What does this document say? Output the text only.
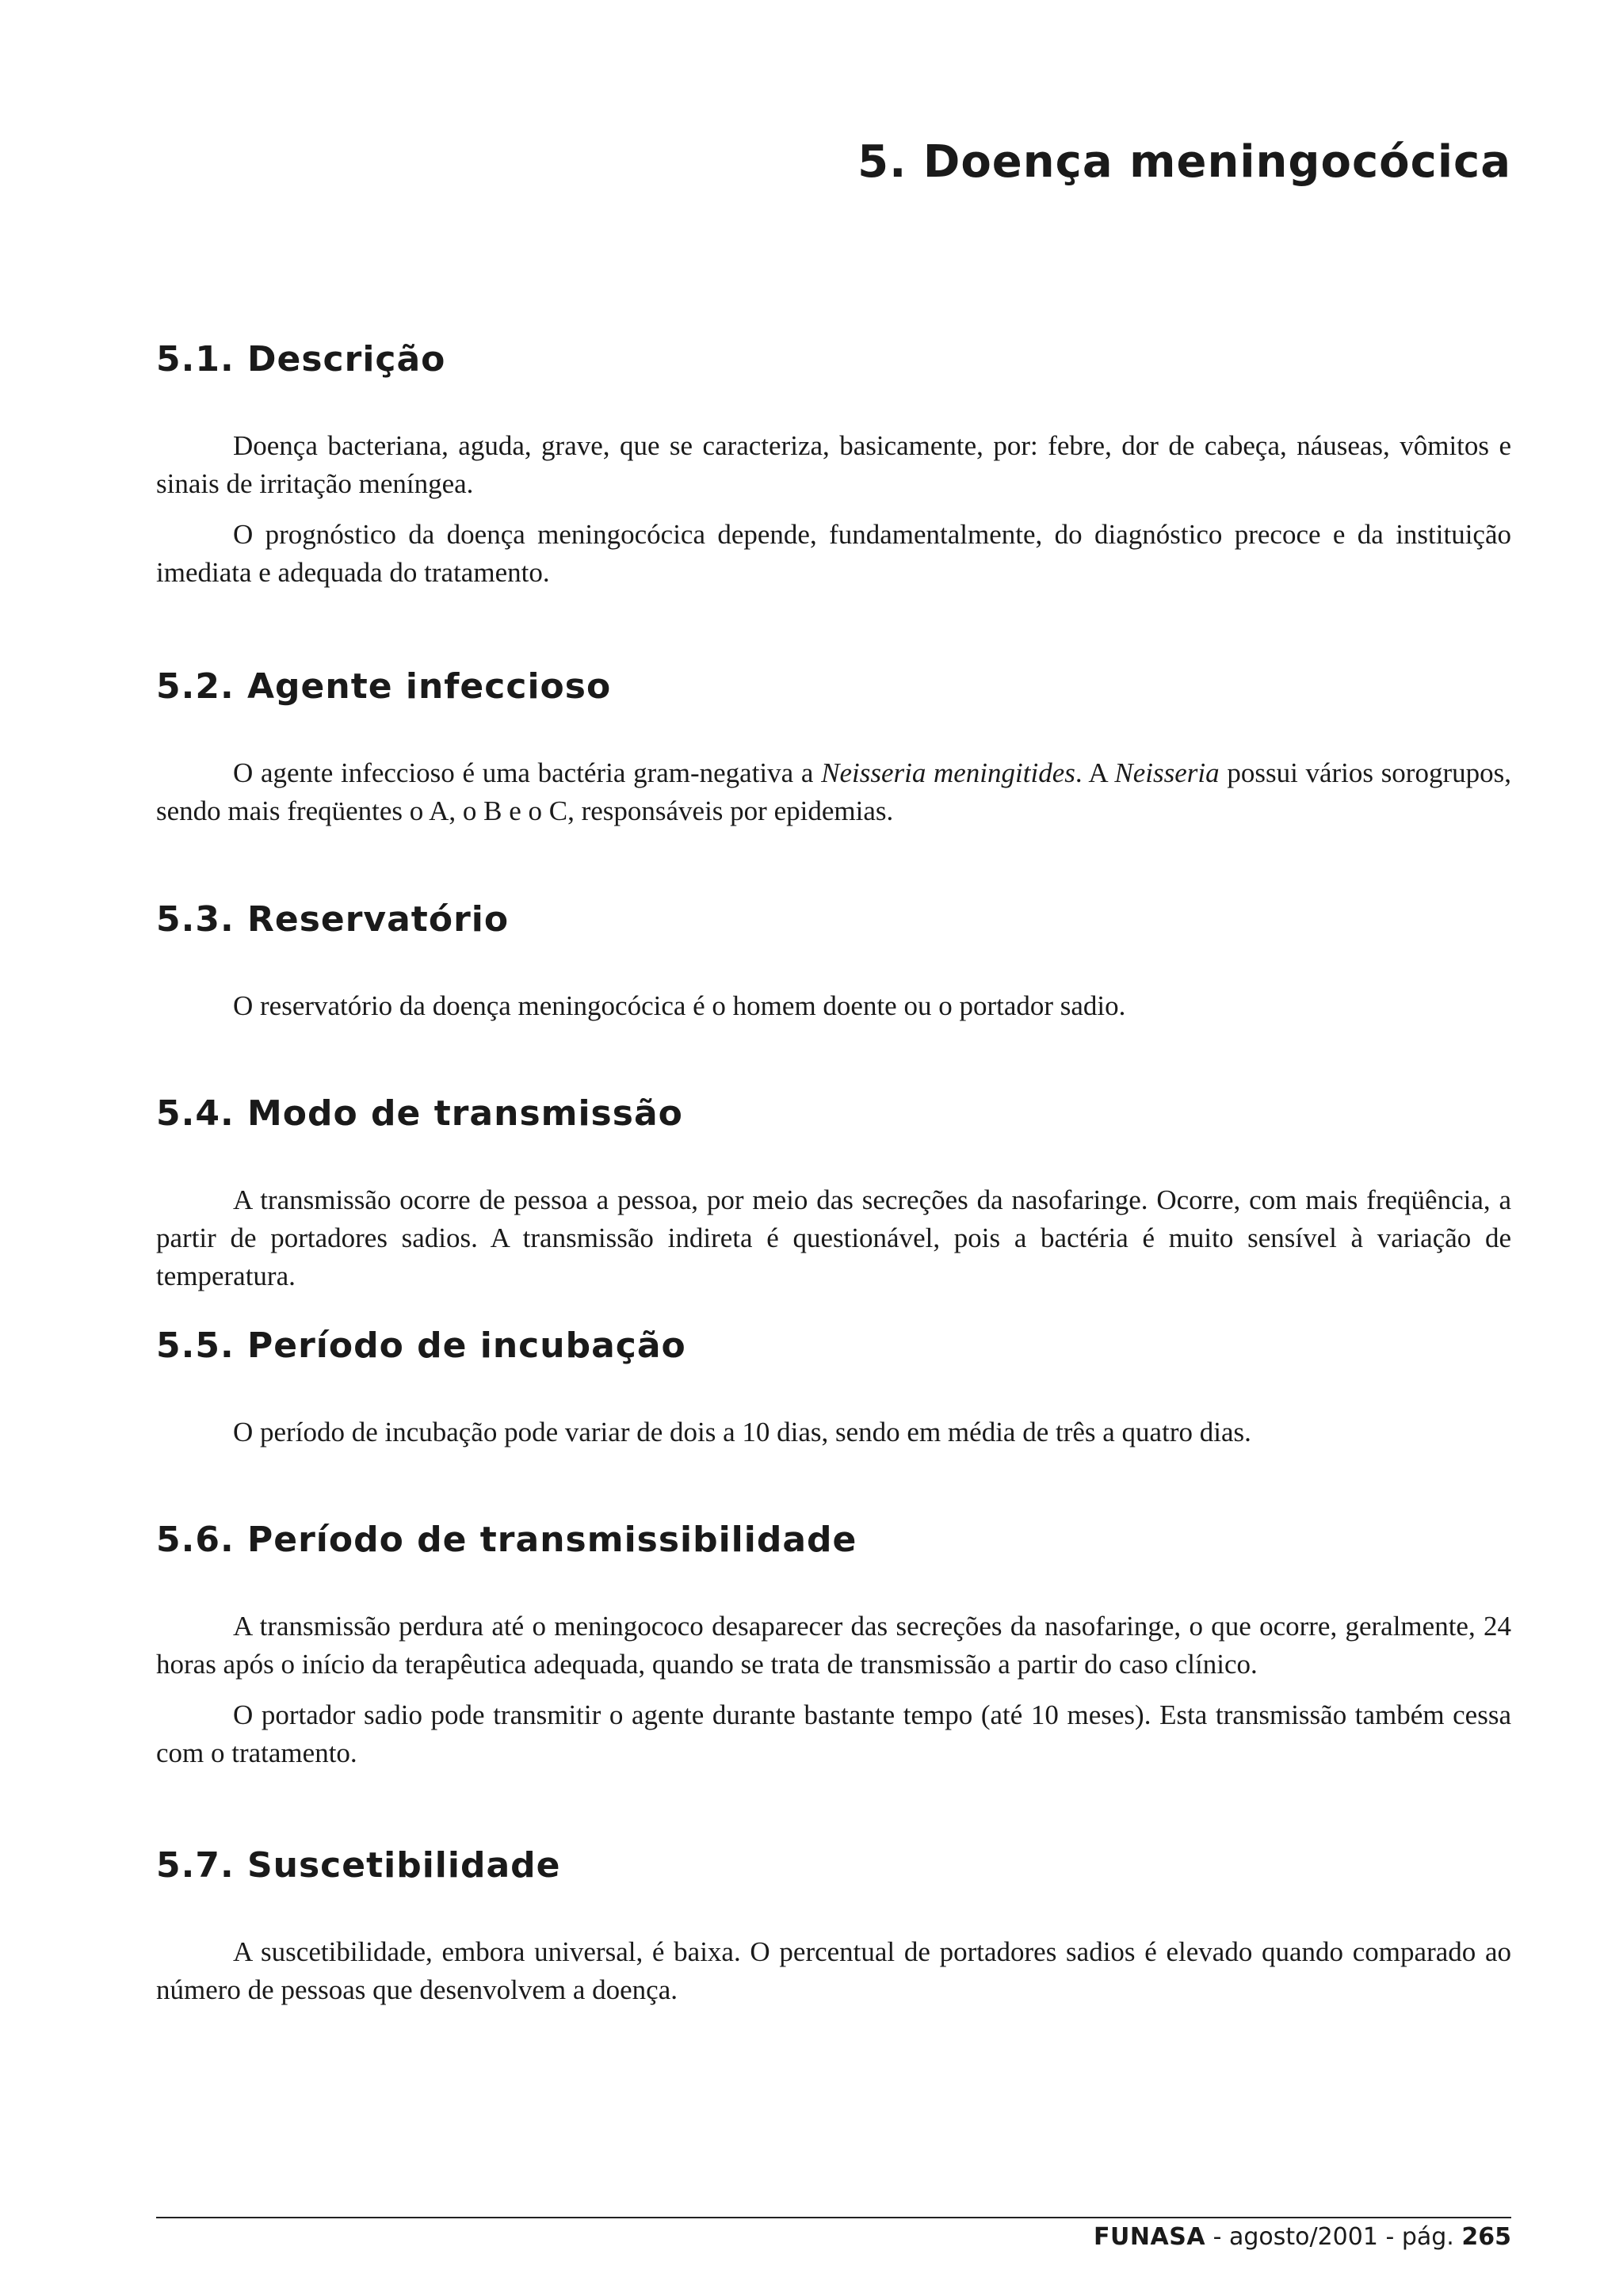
5. Doença meningocócica
5.1. Descrição

Doença bacteriana, aguda, grave, que se caracteriza, basicamente, por: febre, dor de cabeça, náuseas, vômitos e sinais de irritação meníngea.

O prognóstico da doença meningocócica depende, fundamentalmente, do diagnóstico precoce e da instituição imediata e adequada do tratamento.

5.2. Agente infeccioso

O agente infeccioso é uma bactéria gram-negativa a Neisseria meningitides. A Neisseria possui vários sorogrupos, sendo mais freqüentes o A, o B e o C, responsáveis por epidemias.

5.3. Reservatório

O reservatório da doença meningocócica é o homem doente ou o portador sadio.

5.4. Modo de transmissão

A transmissão ocorre de pessoa a pessoa, por meio das secreções da nasofaringe. Ocorre, com mais freqüência, a partir de portadores sadios. A transmissão indireta é questionável, pois a bactéria é muito sensível à variação de temperatura.

5.5. Período de incubação

O período de incubação pode variar de dois a 10 dias, sendo em média de três a quatro dias.

5.6. Período de transmissibilidade

A transmissão perdura até o meningococo desaparecer das secreções da nasofaringe, o que ocorre, geralmente, 24 horas após o início da terapêutica adequada, quando se trata de transmissão a partir do caso clínico.

O portador sadio pode transmitir o agente durante bastante tempo (até 10 meses). Esta transmissão também cessa com o tratamento.

5.7. Suscetibilidade

A suscetibilidade, embora universal, é baixa. O percentual de portadores sadios é elevado quando comparado ao número de pessoas que desenvolvem a doença.

FUNASA - agosto/2001 - pág. 265
